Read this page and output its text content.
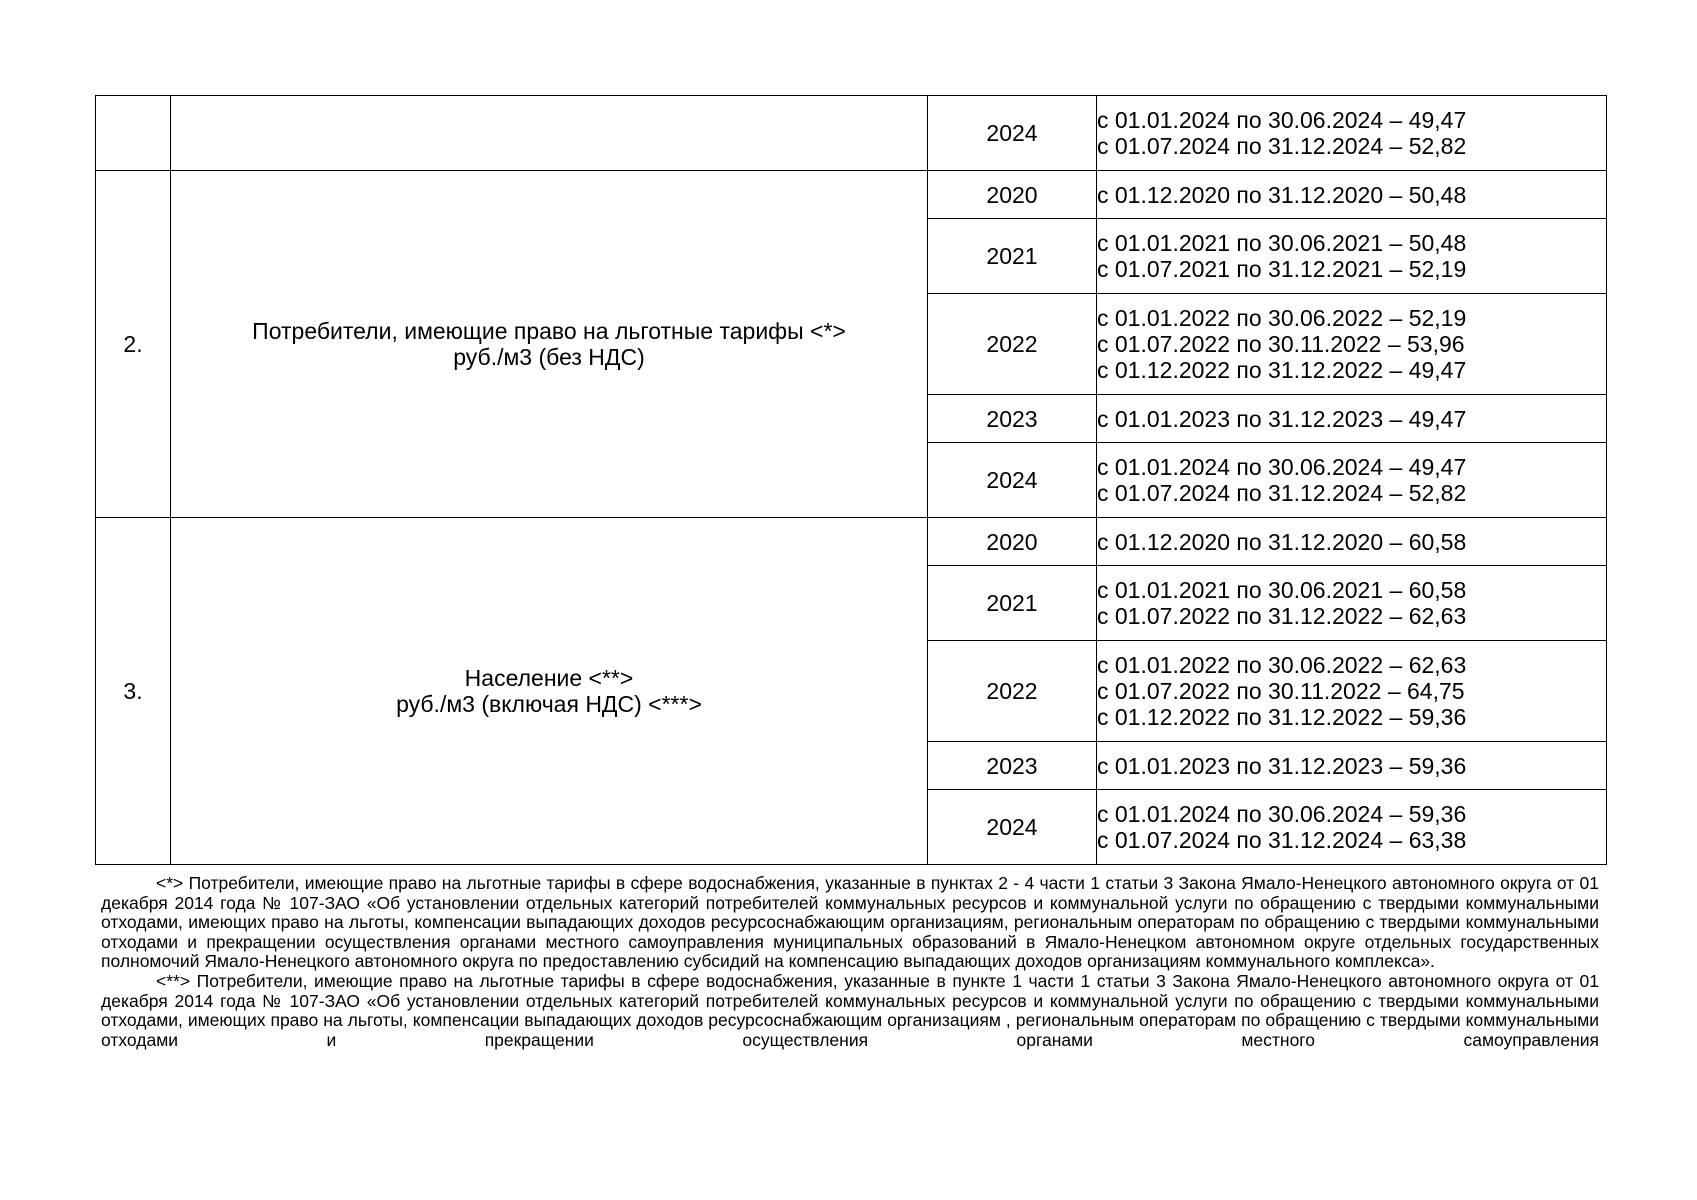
		2024	с 01.01.2024 по 30.06.2024 – 49,47
с 01.07.2024 по 31.12.2024 – 52,82

2.	Потребители, имеющие право на льготные тарифы <*>
руб./м3 (без НДС)	2020	с 01.12.2020 по 31.12.2020 – 50,48

		2021	с 01.01.2021 по 30.06.2021 – 50,48
с 01.07.2021 по 31.12.2021 – 52,19

		2022	с 01.01.2022 по 30.06.2022 – 52,19
с 01.07.2022 по 30.11.2022 – 53,96
с 01.12.2022 по 31.12.2022 – 49,47

		2023	с 01.01.2023 по 31.12.2023 – 49,47

		2024	с 01.01.2024 по 30.06.2024 – 49,47
с 01.07.2024 по 31.12.2024 – 52,82

3.	Население <**>
руб./м3 (включая НДС) <***>	2020	с 01.12.2020 по 31.12.2020 – 60,58

		2021	с 01.01.2021 по 30.06.2021 – 60,58
с 01.07.2022 по 31.12.2022 – 62,63

		2022	с 01.01.2022 по 30.06.2022 – 62,63
с 01.07.2022 по 30.11.2022 – 64,75
с 01.12.2022 по 31.12.2022 – 59,36

		2023	с 01.01.2023 по 31.12.2023 – 59,36

		2024	с 01.01.2024 по 30.06.2024 – 59,36
с 01.07.2024 по 31.12.2024 – 63,38

<*> Потребители, имеющие право на льготные тарифы в сфере водоснабжения, указанные в пунктах 2 - 4 части 1 статьи 3 Закона Ямало-Ненецкого автономного округа от 01 декабря 2014 года № 107-ЗАО «Об установлении отдельных категорий потребителей коммунальных ресурсов и коммунальной услуги по обращению с твердыми коммунальными отходами, имеющих право на льготы, компенсации выпадающих доходов ресурсоснабжающим организациям, региональным операторам по обращению с твердыми коммунальными отходами и прекращении осуществления органами местного самоуправления муниципальных образований в Ямало-Ненецком автономном округе отдельных государственных полномочий Ямало-Ненецкого автономного округа по предоставлению субсидий на компенсацию выпадающих доходов организациям коммунального комплекса».

<**> Потребители, имеющие право на льготные тарифы в сфере водоснабжения, указанные в пункте 1 части 1 статьи 3 Закона Ямало-Ненецкого автономного округа от 01 декабря 2014 года № 107-ЗАО «Об установлении отдельных категорий потребителей коммунальных ресурсов и коммунальной услуги по обращению с твердыми коммунальными отходами, имеющих право на льготы, компенсации выпадающих доходов ресурсоснабжающим организациям , региональным операторам по обращению с твердыми коммунальными отходами и прекращении осуществления органами местного самоуправления
